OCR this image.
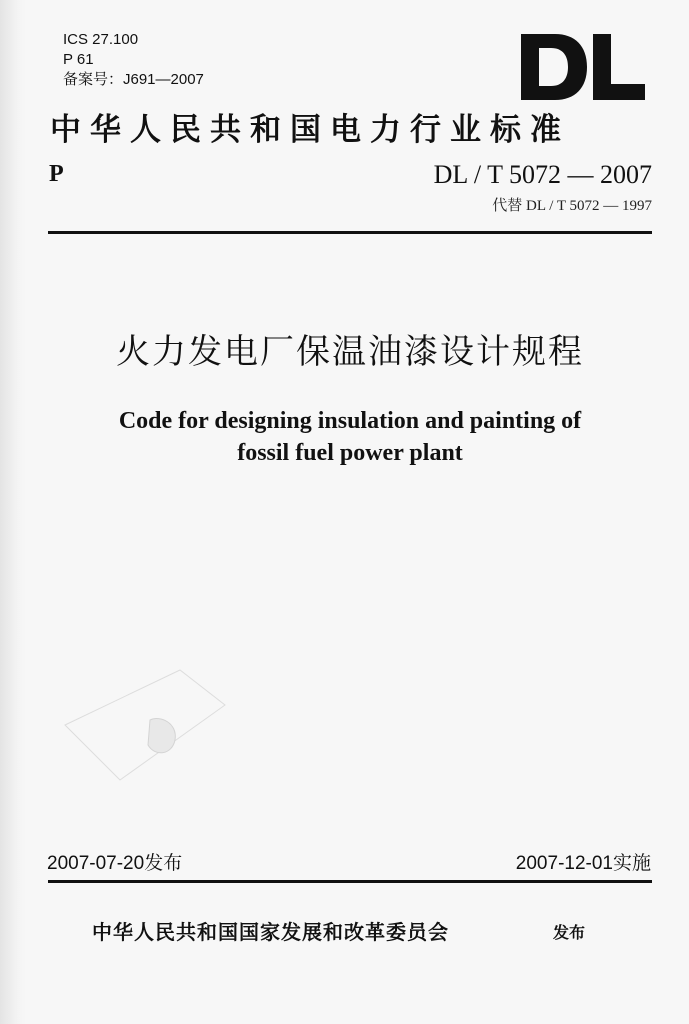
ICS 27.100
P 61
备案号：J691—2007
中华人民共和国电力行业标准
P	DL / T 5072 — 2007
代替 DL / T 5072 — 1997
火力发电厂保温油漆设计规程
Code for designing insulation and painting of
fossil fuel power plant
2007-07-20发布	2007-12-01实施
中华人民共和国国家发展和改革委员会	发布
